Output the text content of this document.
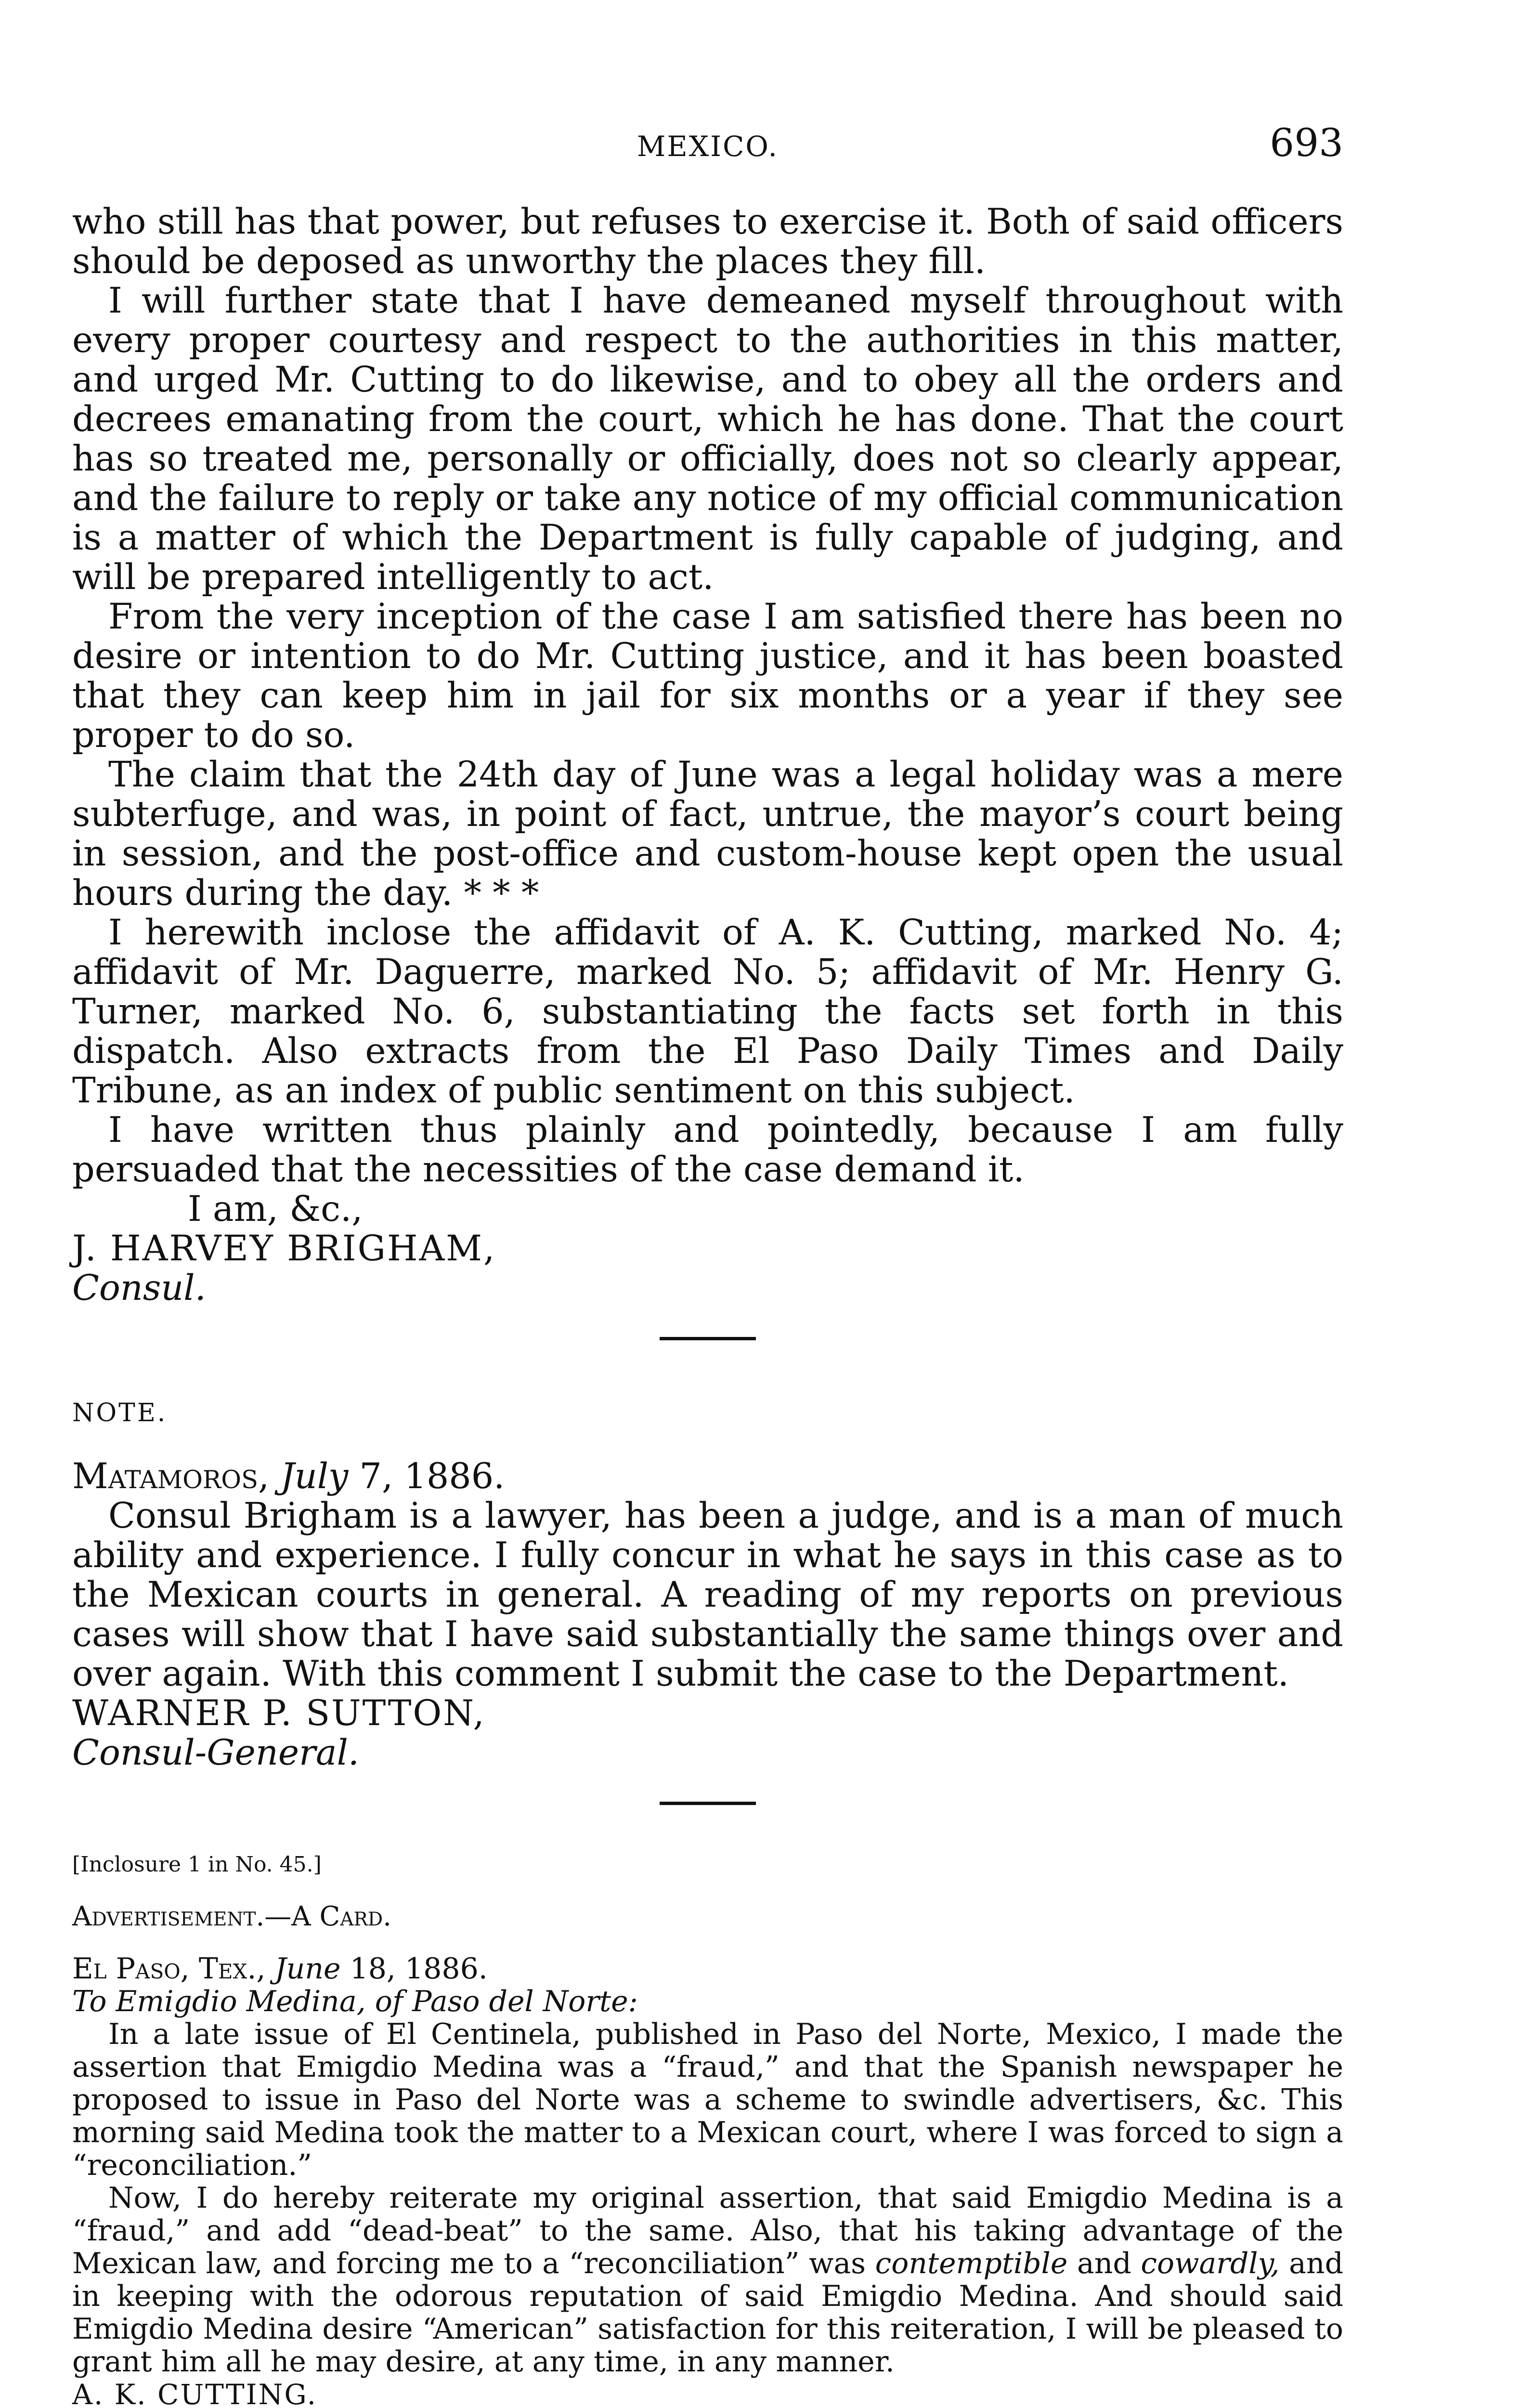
MEXICO.	693

who still has that power, but refuses to exercise it. Both of said officers should be deposed as unworthy the places they fill.

I will further state that I have demeaned myself throughout with every proper courtesy and respect to the authorities in this matter, and urged Mr. Cutting to do likewise, and to obey all the orders and decrees emanating from the court, which he has done. That the court has so treated me, personally or officially, does not so clearly appear, and the failure to reply or take any notice of my official communication is a matter of which the Department is fully capable of judging, and will be prepared intelligently to act.

From the very inception of the case I am satisfied there has been no desire or intention to do Mr. Cutting justice, and it has been boasted that they can keep him in jail for six months or a year if they see proper to do so.

The claim that the 24th day of June was a legal holiday was a mere subterfuge, and was, in point of fact, untrue, the mayor’s court being in session, and the post-office and custom-house kept open the usual hours during the day. * * *

I herewith inclose the affidavit of A. K. Cutting, marked No. 4; affidavit of Mr. Daguerre, marked No. 5; affidavit of Mr. Henry G. Turner, marked No. 6, substantiating the facts set forth in this dispatch. Also extracts from the El Paso Daily Times and Daily Tribune, as an index of public sentiment on this subject.

I have written thus plainly and pointedly, because I am fully persuaded that the necessities of the case demand it.

I am, &c.,

J. HARVEY BRIGHAM,

Consul.

NOTE.

Matamoros, July 7, 1886.

Consul Brigham is a lawyer, has been a judge, and is a man of much ability and experience. I fully concur in what he says in this case as to the Mexican courts in general. A reading of my reports on previous cases will show that I have said substantially the same things over and over again. With this comment I submit the case to the Department.

WARNER P. SUTTON,

Consul-General.

[Inclosure 1 in No. 45.]

Advertisement.—A Card.

El Paso, Tex., June 18, 1886.

To Emigdio Medina, of Paso del Norte:

In a late issue of El Centinela, published in Paso del Norte, Mexico, I made the assertion that Emigdio Medina was a “fraud,” and that the Spanish newspaper he proposed to issue in Paso del Norte was a scheme to swindle advertisers, &c. This morning said Medina took the matter to a Mexican court, where I was forced to sign a “reconciliation.”

Now, I do hereby reiterate my original assertion, that said Emigdio Medina is a “fraud,” and add “dead-beat” to the same. Also, that his taking advantage of the Mexican law, and forcing me to a “reconciliation” was contemptible and cowardly, and in keeping with the odorous reputation of said Emigdio Medina. And should said Emigdio Medina desire “American” satisfaction for this reiteration, I will be pleased to grant him all he may desire, at any time, in any manner.

A. K. CUTTING.
